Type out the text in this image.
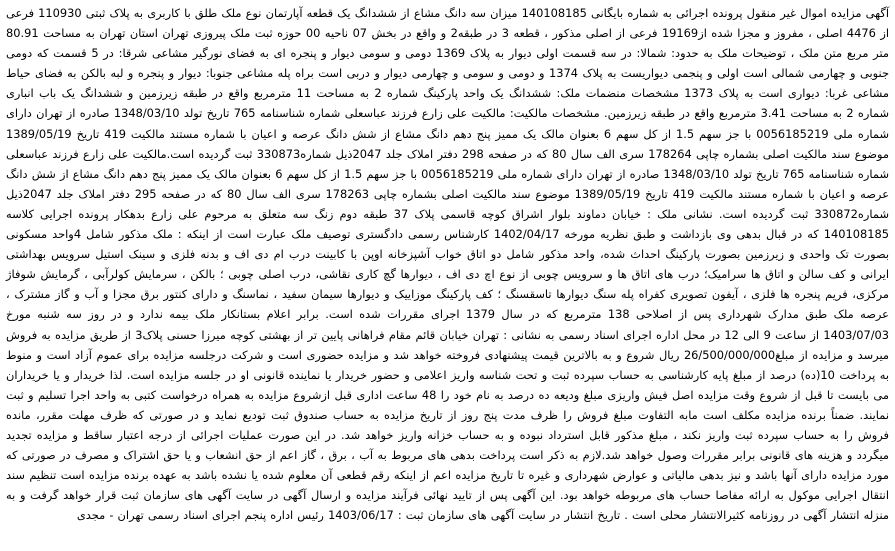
آگهی مزایده اموال غیر منقول پرونده اجرائی به شماره بایگانی 140108185 میزان سه دانگ مشاع از ششدانگ یک قطعه آپارتمان نوع ملک طلق با کاربری به پلاک ثبتی 110930 فرعی از 4476 اصلی ، مفروز و مجزا شده از19169 فرعی از اصلی مذکور ، قطعه 3 در طبقه2 و واقع در بخش 07 ناحیه 00 حوزه ثبت ملک پیروزی تهران استان تهران به مساحت 80.91 متر مربع متن ملک ، توضیحات ملک به حدود: شمالا: در سه قسمت اولی دیوار به پلاک 1369 دومی و سومی دیوار و پنجره ای به فضای نورگیر مشاعی شرقا: در 5 قسمت که دومی جنوبی و چهارمی شمالی است اولی و پنجمی دیواریست به پلاک 1374 و دومی و سومی و چهارمی دیوار و دربی است براه پله مشاعی جنوبا: دیوار و پنجره و لبه بالکن به فضای حیاط مشاعی غربا: دیواری است به پلاک 1373 مشخصات منضمات ملک: ششدانگ یک واحد پارکینگ شماره 2 به مساحت 11 مترمربع واقع در طبقه زیرزمین و ششدانگ یک باب انباری شماره 2 به مساحت 3.41 مترمربع واقع در طبقه زیرزمین. مشخصات مالکیت: مالکیت علی زارع فرزند عباسعلی شماره شناسنامه 765 تاریخ تولد 1348/03/10 صادره از تهران دارای شماره ملی 0056185219 با جز سهم 1.5 از کل سهم 6 بعنوان مالک یک ممیز پنج دهم دانگ مشاع از شش دانگ عرصه و اعیان با شماره مستند مالکیت 419 تاریخ 1389/05/19 موضوع سند مالکیت اصلی بشماره چاپی 178264 سری الف سال 80 که در صفحه 298 دفتر املاک جلد 2047ذیل شماره330873 ثبت گردیده است.مالکیت علی زارع فرزند عباسعلی شماره شناسنامه 765 تاریخ تولد 1348/03/10 صادره از تهران دارای شماره ملی 0056185219 با جز سهم 1.5 از کل سهم 6 بعنوان مالک یک ممیز پنج دهم دانگ مشاع از شش دانگ عرصه و اعیان با شماره مستند مالکیت 419 تاریخ 1389/05/19 موضوع سند مالکیت اصلی بشماره چاپی 178263 سری الف سال 80 که در صفحه 295 دفتر املاک جلد 2047ذیل شماره330872 ثبت گردیده است. نشانی ملک : خیابان دماوند بلوار اشراق کوچه قاسمی پلاک 37 طبقه دوم زنگ سه متعلق به مرحوم علی زارع بدهکار پرونده اجرایی کلاسه 140108185 که در قبال بدهی وی بازداشت و طبق نظریه مورخه 1402/04/17 کارشناس رسمی دادگستری توصیف ملک عبارت است از اینکه : ملک مذکور شامل 4واحد مسکونی بصورت تک واحدی و زیرزمین بصورت پارکینگ احداث شده، واحد مذکور شامل دو اتاق خواب آشپزخانه اوپن با کابینت درب ام دی اف و بدنه فلزی و سینک استیل سرویس بهداشتی ایرانی و کف سالن و اتاق ها سرامیک؛ درب های اتاق ها و سرویس چوبی از نوع اچ دی اف ، دیوارها گچ کاری نقاشی، درب اصلی چوبی ؛ بالکن ، سرمایش کولرآبی ، گرمایش شوفاژ مرکزی، فریم پنجره ها فلزی ، آیفون تصویری کفراه پله سنگ دیوارها تاسقسنگ ؛ کف پارکینگ موزاییک و دیوارها سیمان سفید ، نماسنگ و دارای کنتور برق مجزا و آب و گاز مشترک ، عرصه ملک طبق مدارک شهرداری پس از اصلاحی 138 مترمربع که در سال 1379 اجرای مقررات شده است. برابر اعلام بستانکار ملک بیمه ندارد و در روز سه شنبه مورخ 1403/07/03 از ساعت 9 الی 12 در محل اداره اجرای اسناد رسمی به نشانی : تهران خیابان قائم مقام فراهانی پایین تر از بهشتی کوچه میرزا حسنی پلاک3 از طریق مزایده به فروش میرسد و مزایده از مبلغ26/500/000/000 ریال شروع و به بالاترین قیمت پیشنهادی فروخته خواهد شد و مزایده حضوری است و شرکت درجلسه مزایده برای عموم آزاد است و منوط به پرداخت 10(ده) درصد از مبلغ پایه کارشناسی به حساب سپرده ثبت و تحت شناسه واریز اعلامی و حضور خریدار یا نماینده قانونی او در جلسه مزایده است. لذا خریدار و یا خریداران می بایست تا قبل از شروع وقت مزایده اصل فیش واریزی مبلغ ودیعه ده درصد به نام خود را 48 ساعت اداری قبل ازشروع مزایده به همراه درخواست کتبی به واحد اجرا تسلیم و ثبت نمایند. ضمناً برنده مزایده مکلف است مابه التفاوت مبلغ فروش را ظرف مدت پنج روز از تاریخ مزایده به حساب صندوق ثبت تودیع نماید و در صورتی که ظرف مهلت مقرر، مانده فروش را به حساب سپرده ثبت واریز نکند ، مبلغ مذکور قابل استرداد نبوده و به حساب خزانه واریز خواهد شد. در این صورت عملیات اجرائی از درجه اعتبار ساقط و مزایده تجدید میگردد و هزینه های قانونی برابر مقررات وصول خواهد شد.لازم به ذکر است پرداخت بدهی های مربوط به آب ، برق ، گاز اعم از حق انشعاب و یا حق اشتراک و مصرف در صورتی که مورد مزایده دارای آنها باشد و نیز بدهی مالیاتی و عوارض شهرداری و غیره تا تاریخ مزایده اعم از اینکه رقم قطعی آن معلوم شده یا نشده باشد به عهده برنده مزایده است تنظیم سند انتقال اجرایی موکول به ارائه مفاصا حساب های مربوطه خواهد بود. این آگهی پس از تایید نهائی فرآیند مزایده و ارسال آگهی در سایت آگهی های سازمان ثبت قرار خواهد گرفت و به منزله انتشار آگهی در روزنامه کثیرالانتشار محلی است . تاریخ انتشار در سایت آگهی های سازمان ثبت : 1403/06/17 رئیس اداره پنجم اجرای اسناد رسمی تهران - مجدی
